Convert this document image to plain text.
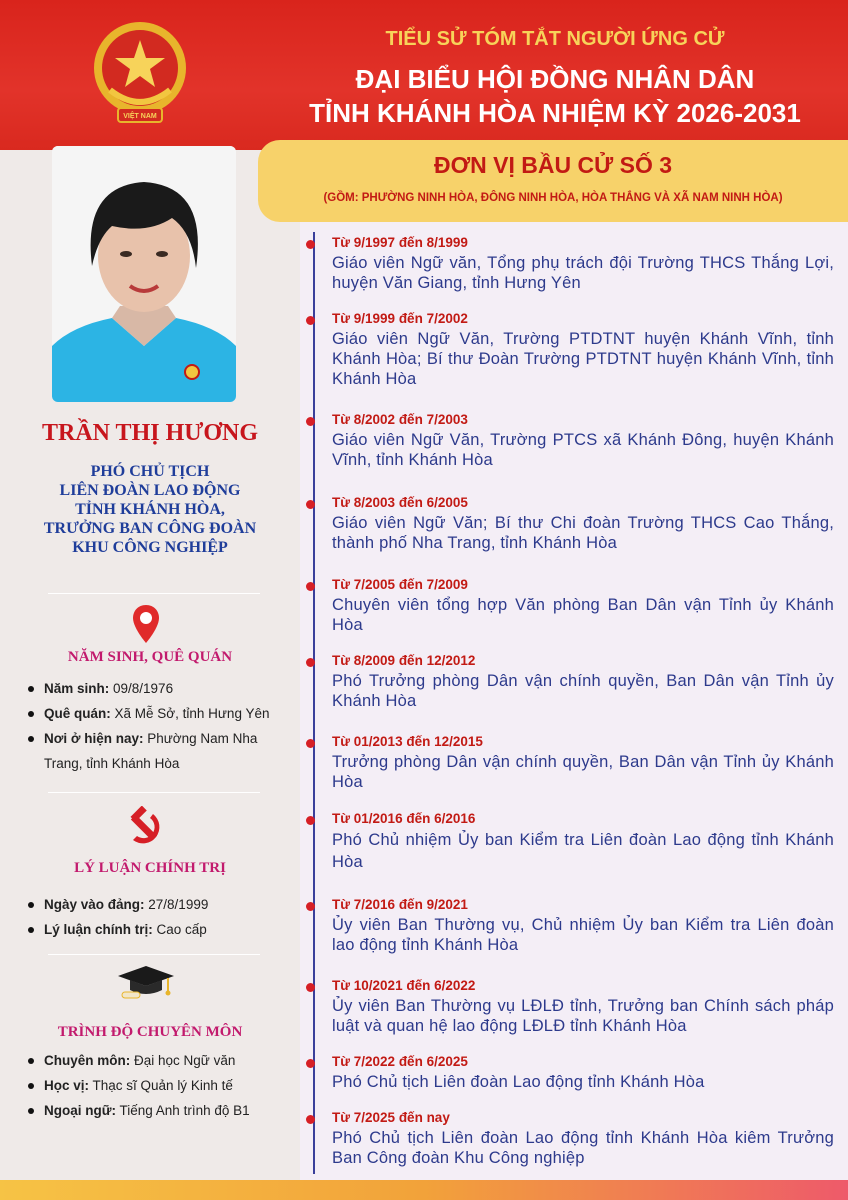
VIỆT NAM
TIỂU SỬ TÓM TẮT NGƯỜI ỨNG CỬ
ĐẠI BIỂU HỘI ĐỒNG NHÂN DÂN
TỈNH KHÁNH HÒA NHIỆM KỲ 2026-2031
ĐƠN VỊ BẦU CỬ SỐ 3
(GỒM: PHƯỜNG NINH HÒA, ĐÔNG NINH HÒA, HÒA THẮNG VÀ XÃ NAM NINH HÒA)
TRẦN THỊ HƯƠNG
PHÓ CHỦ TỊCH
LIÊN ĐOÀN LAO ĐỘNG
TỈNH KHÁNH HÒA,
TRƯỞNG BAN CÔNG ĐOÀN
KHU CÔNG NGHIỆP
NĂM SINH, QUÊ QUÁN
Năm sinh: 09/8/1976
Quê quán: Xã Mễ Sở, tỉnh Hưng Yên
Nơi ở hiện nay: Phường Nam Nha Trang, tỉnh Khánh Hòa
LÝ LUẬN CHÍNH TRỊ
Ngày vào đảng: 27/8/1999
Lý luận chính trị: Cao cấp
TRÌNH ĐỘ CHUYÊN MÔN
Chuyên môn: Đại học Ngữ văn
Học vị: Thạc sĩ Quản lý Kinh tế
Ngoại ngữ: Tiếng Anh trình độ B1
Từ 9/1997 đến 8/1999
Giáo viên Ngữ văn, Tổng phụ trách đội Trường THCS Thắng Lợi, huyện Văn Giang, tỉnh Hưng Yên
Từ 9/1999 đến 7/2002
Giáo viên Ngữ Văn, Trường PTDTNT huyện Khánh Vĩnh, tỉnh Khánh Hòa; Bí thư Đoàn Trường PTDTNT huyện Khánh Vĩnh, tỉnh Khánh Hòa
Từ 8/2002 đến 7/2003
Giáo viên Ngữ Văn, Trường PTCS xã Khánh Đông, huyện Khánh Vĩnh, tỉnh Khánh Hòa
Từ 8/2003 đến 6/2005
Giáo viên Ngữ Văn; Bí thư Chi đoàn Trường THCS Cao Thắng, thành phố Nha Trang, tỉnh Khánh Hòa
Từ 7/2005 đến 7/2009
Chuyên viên tổng hợp Văn phòng Ban Dân vận Tỉnh ủy Khánh Hòa
Từ 8/2009 đến 12/2012
Phó Trưởng phòng Dân vận chính quyền, Ban Dân vận Tỉnh ủy Khánh Hòa
Từ 01/2013 đến 12/2015
Trưởng phòng Dân vận chính quyền, Ban Dân vận Tỉnh ủy Khánh Hòa
Từ 01/2016 đến 6/2016
Phó Chủ nhiệm Ủy ban Kiểm tra Liên đoàn Lao động tỉnh Khánh Hòa
Từ 7/2016 đến 9/2021
Ủy viên Ban Thường vụ, Chủ nhiệm Ủy ban Kiểm tra Liên đoàn lao động tỉnh Khánh Hòa
Từ 10/2021 đến 6/2022
Ủy viên Ban Thường vụ LĐLĐ tỉnh, Trưởng ban Chính sách pháp luật và quan hệ lao động LĐLĐ tỉnh Khánh Hòa
Từ 7/2022 đến 6/2025
Phó Chủ tịch Liên đoàn Lao động tỉnh Khánh Hòa
Từ 7/2025 đến nay
Phó Chủ tịch Liên đoàn Lao động tỉnh Khánh Hòa kiêm Trưởng Ban Công đoàn Khu Công nghiệp
